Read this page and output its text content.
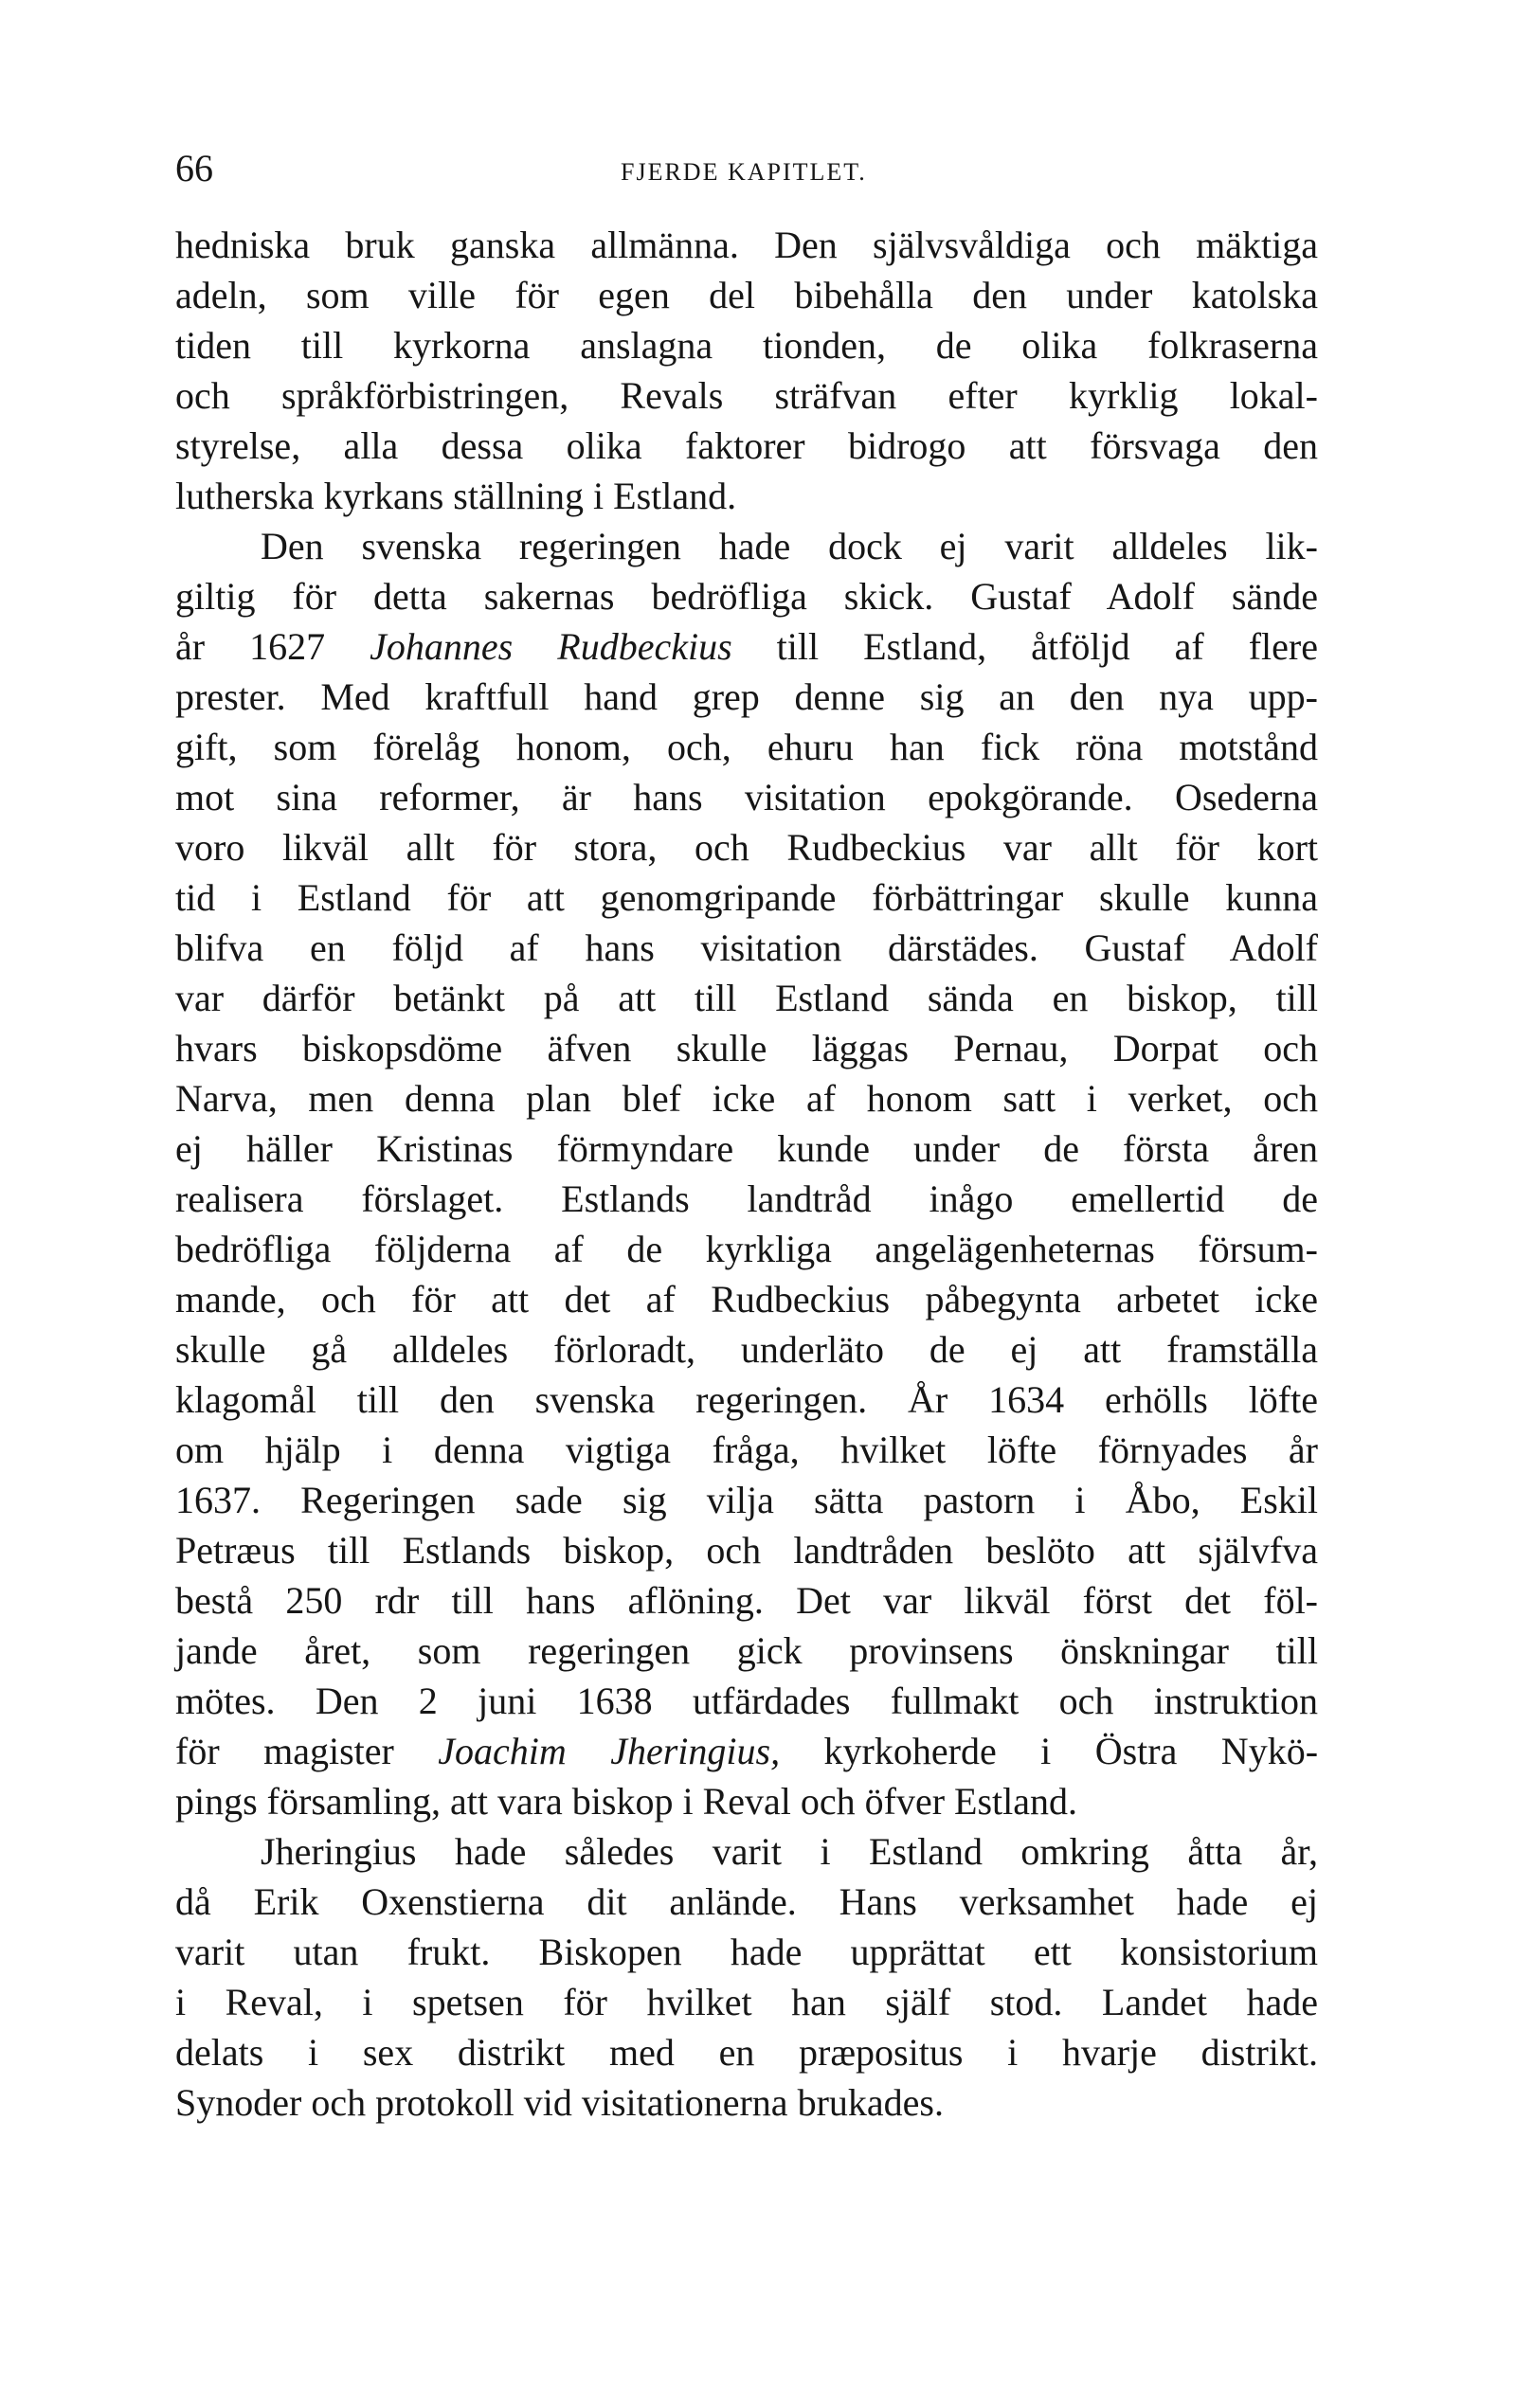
66	FJERDE KAPITLET.
hedniska bruk ganska allmänna. Den självsvåldiga och mäktiga
adeln, som ville för egen del bibehålla den under katolska
tiden till kyrkorna anslagna tionden, de olika folkraserna
och språkförbistringen, Revals sträfvan efter kyrklig lokal-
styrelse, alla dessa olika faktorer bidrogo att försvaga den
lutherska kyrkans ställning i Estland.
Den svenska regeringen hade dock ej varit alldeles lik-
giltig för detta sakernas bedröfliga skick. Gustaf Adolf sände
år 1627 Johannes Rudbeckius till Estland, åtföljd af flere
prester. Med kraftfull hand grep denne sig an den nya upp-
gift, som förelåg honom, och, ehuru han fick röna motstånd
mot sina reformer, är hans visitation epokgörande. Osederna
voro likväl allt för stora, och Rudbeckius var allt för kort
tid i Estland för att genomgripande förbättringar skulle kunna
blifva en följd af hans visitation därstädes. Gustaf Adolf
var därför betänkt på att till Estland sända en biskop, till
hvars biskopsdöme äfven skulle läggas Pernau, Dorpat och
Narva, men denna plan blef icke af honom satt i verket, och
ej häller Kristinas förmyndare kunde under de första åren
realisera förslaget. Estlands landtråd inågo emellertid de
bedröfliga följderna af de kyrkliga angelägenheternas försum-
mande, och för att det af Rudbeckius påbegynta arbetet icke
skulle gå alldeles förloradt, underläto de ej att framställa
klagomål till den svenska regeringen. År 1634 erhölls löfte
om hjälp i denna vigtiga fråga, hvilket löfte förnyades år
1637. Regeringen sade sig vilja sätta pastorn i Åbo, Eskil
Petræus till Estlands biskop, och landtråden beslöto att självfva
bestå 250 rdr till hans aflöning. Det var likväl först det föl-
jande året, som regeringen gick provinsens önskningar till
mötes. Den 2 juni 1638 utfärdades fullmakt och instruktion
för magister Joachim Jheringius, kyrkoherde i Östra Nykö-
pings församling, att vara biskop i Reval och öfver Estland.
Jheringius hade således varit i Estland omkring åtta år,
då Erik Oxenstierna dit anlände. Hans verksamhet hade ej
varit utan frukt. Biskopen hade upprättat ett konsistorium
i Reval, i spetsen för hvilket han själf stod. Landet hade
delats i sex distrikt med en præpositus i hvarje distrikt.
Synoder och protokoll vid visitationerna brukades.
